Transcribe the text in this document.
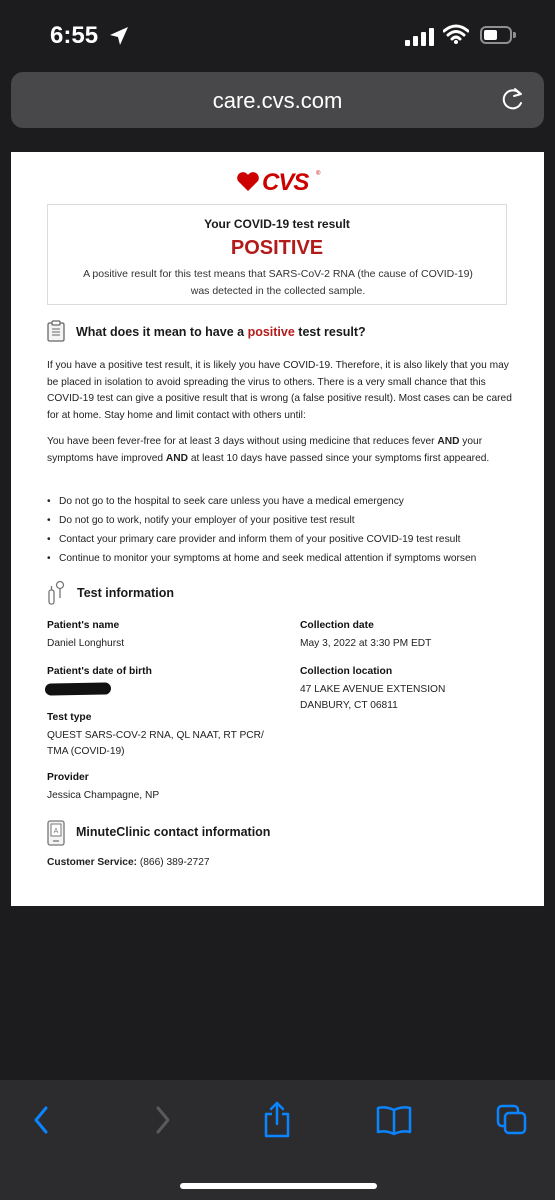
6:55
care.cvs.com
CVS ®
Your COVID-19 test result
POSITIVE
A positive result for this test means that SARS-CoV-2 RNA (the cause of COVID-19) was detected in the collected sample.
What does it mean to have a positive test result?
If you have a positive test result, it is likely you have COVID-19. Therefore, it is also likely that you may be placed in isolation to avoid spreading the virus to others. There is a very small chance that this COVID-19 test can give a positive result that is wrong (a false positive result). Most cases can be cared for at home. Stay home and limit contact with others until:
You have been fever-free for at least 3 days without using medicine that reduces fever AND your symptoms have improved AND at least 10 days have passed since your symptoms first appeared.
• Do not go to the hospital to seek care unless you have a medical emergency
• Do not go to work, notify your employer of your positive test result
• Contact your primary care provider and inform them of your positive COVID-19 test result
• Continue to monitor your symptoms at home and seek medical attention if symptoms worsen
Test information
Patient's name
Daniel Longhurst
Patient's date of birth
Test type
QUEST SARS-COV-2 RNA, QL NAAT, RT PCR/
TMA (COVID-19)
Provider
Jessica Champagne, NP
Collection date
May 3, 2022 at 3:30 PM EDT
Collection location
47 LAKE AVENUE EXTENSION
DANBURY, CT 06811
A MinuteClinic contact information
Customer Service: (866) 389-2727
